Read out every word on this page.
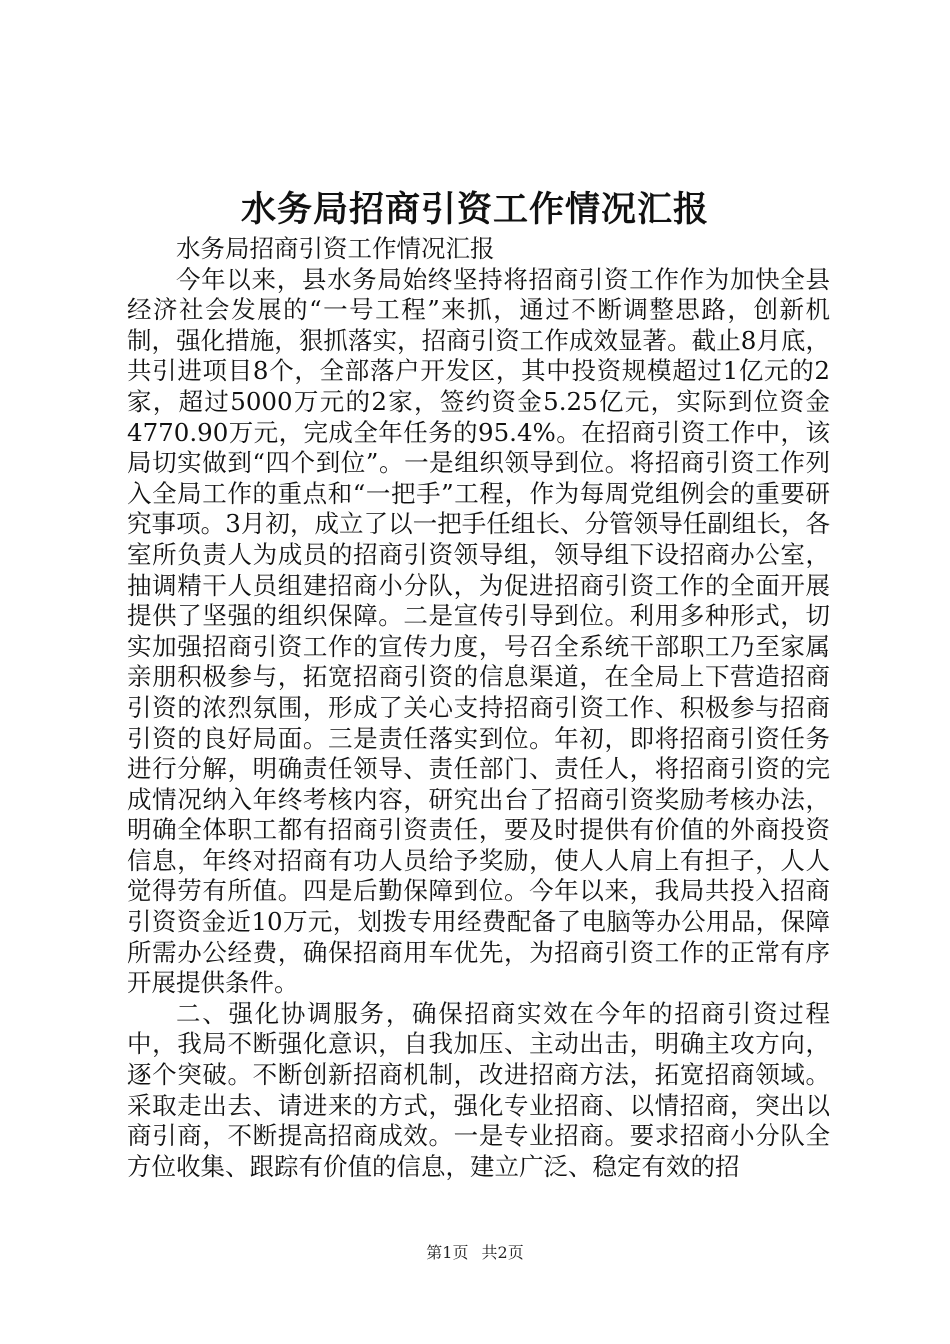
水务局招商引资工作情况汇报

水务局招商引资工作情况汇报

今年以来，县水务局始终坚持将招商引资工作作为加快全县经济社会发展的“一号工程”来抓，通过不断调整思路，创新机制，强化措施，狠抓落实，招商引资工作成效显著。截止8月底，共引进项目8个，全部落户开发区，其中投资规模超过1亿元的2家，超过5000万元的2家，签约资金5.25亿元，实际到位资金4770.90万元，完成全年任务的95.4%。在招商引资工作中，该局切实做到“四个到位”。一是组织领导到位。将招商引资工作列入全局工作的重点和“一把手”工程，作为每周党组例会的重要研究事项。3月初，成立了以一把手任组长、分管领导任副组长，各室所负责人为成员的招商引资领导组，领导组下设招商办公室，抽调精干人员组建招商小分队，为促进招商引资工作的全面开展提供了坚强的组织保障。二是宣传引导到位。利用多种形式，切实加强招商引资工作的宣传力度，号召全系统干部职工乃至家属亲朋积极参与，拓宽招商引资的信息渠道，在全局上下营造招商引资的浓烈氛围，形成了关心支持招商引资工作、积极参与招商引资的良好局面。三是责任落实到位。年初，即将招商引资任务进行分解，明确责任领导、责任部门、责任人，将招商引资的完成情况纳入年终考核内容，研究出台了招商引资奖励考核办法，明确全体职工都有招商引资责任，要及时提供有价值的外商投资信息，年终对招商有功人员给予奖励，使人人肩上有担子，人人觉得劳有所值。四是后勤保障到位。今年以来，我局共投入招商引资资金近10万元，划拨专用经费配备了电脑等办公用品，保障所需办公经费，确保招商用车优先，为招商引资工作的正常有序开展提供条件。

二、强化协调服务，确保招商实效在今年的招商引资过程中，我局不断强化意识，自我加压、主动出击，明确主攻方向，逐个突破。不断创新招商机制，改进招商方法，拓宽招商领域。采取走出去、请进来的方式，强化专业招商、以情招商，突出以商引商，不断提高招商成效。一是专业招商。要求招商小分队全方位收集、跟踪有价值的信息，建立广泛、稳定有效的招

第1页 共2页
